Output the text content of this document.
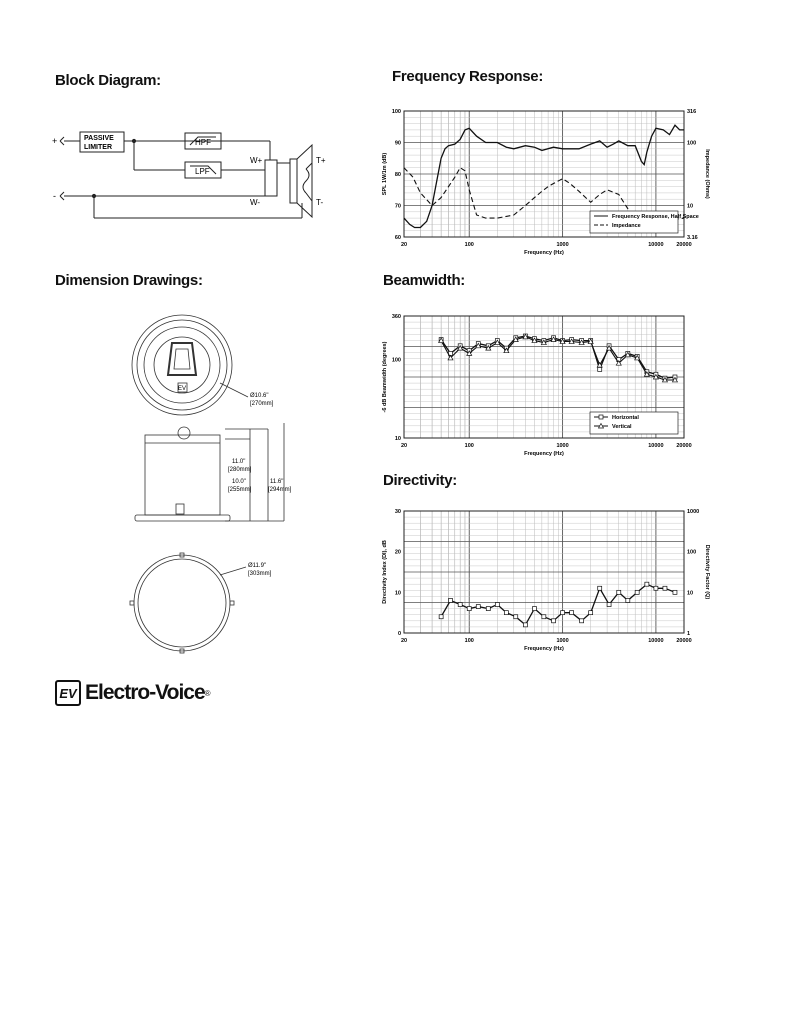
Block Diagram:	Frequency Response:
Dimension Drawings:	Beamwidth:
Directivity:
PASSIVE
LIMITER
HPF
LPF
W+
W-
T+
T-
+
-
EV
Ø10.6"
[270mm]
11.0"
[280mm]
10.0"
[255mm]
11.6"
[294mm]
Ø11.9"
[303mm]
20	100	1000	10000 20000
60
70
80
90
100
3.16
10
100
316
Frequency (Hz)
SPL 1W/1m (dB)	Impedance (Ohms)
Frequency Response, Half Space
Impedance
20	100	1000	10000 20000
10
100
360
Frequency (Hz)
-6 dB Beamwidth (degrees)
Horizontal
Vertical
20	100	1000	10000 20000
0
10
20
30
1
10
100
1000
Frequency (Hz)
Directivity Index (DI), dB	Directivity Factor (Q)
EV Electro-Voice ®
